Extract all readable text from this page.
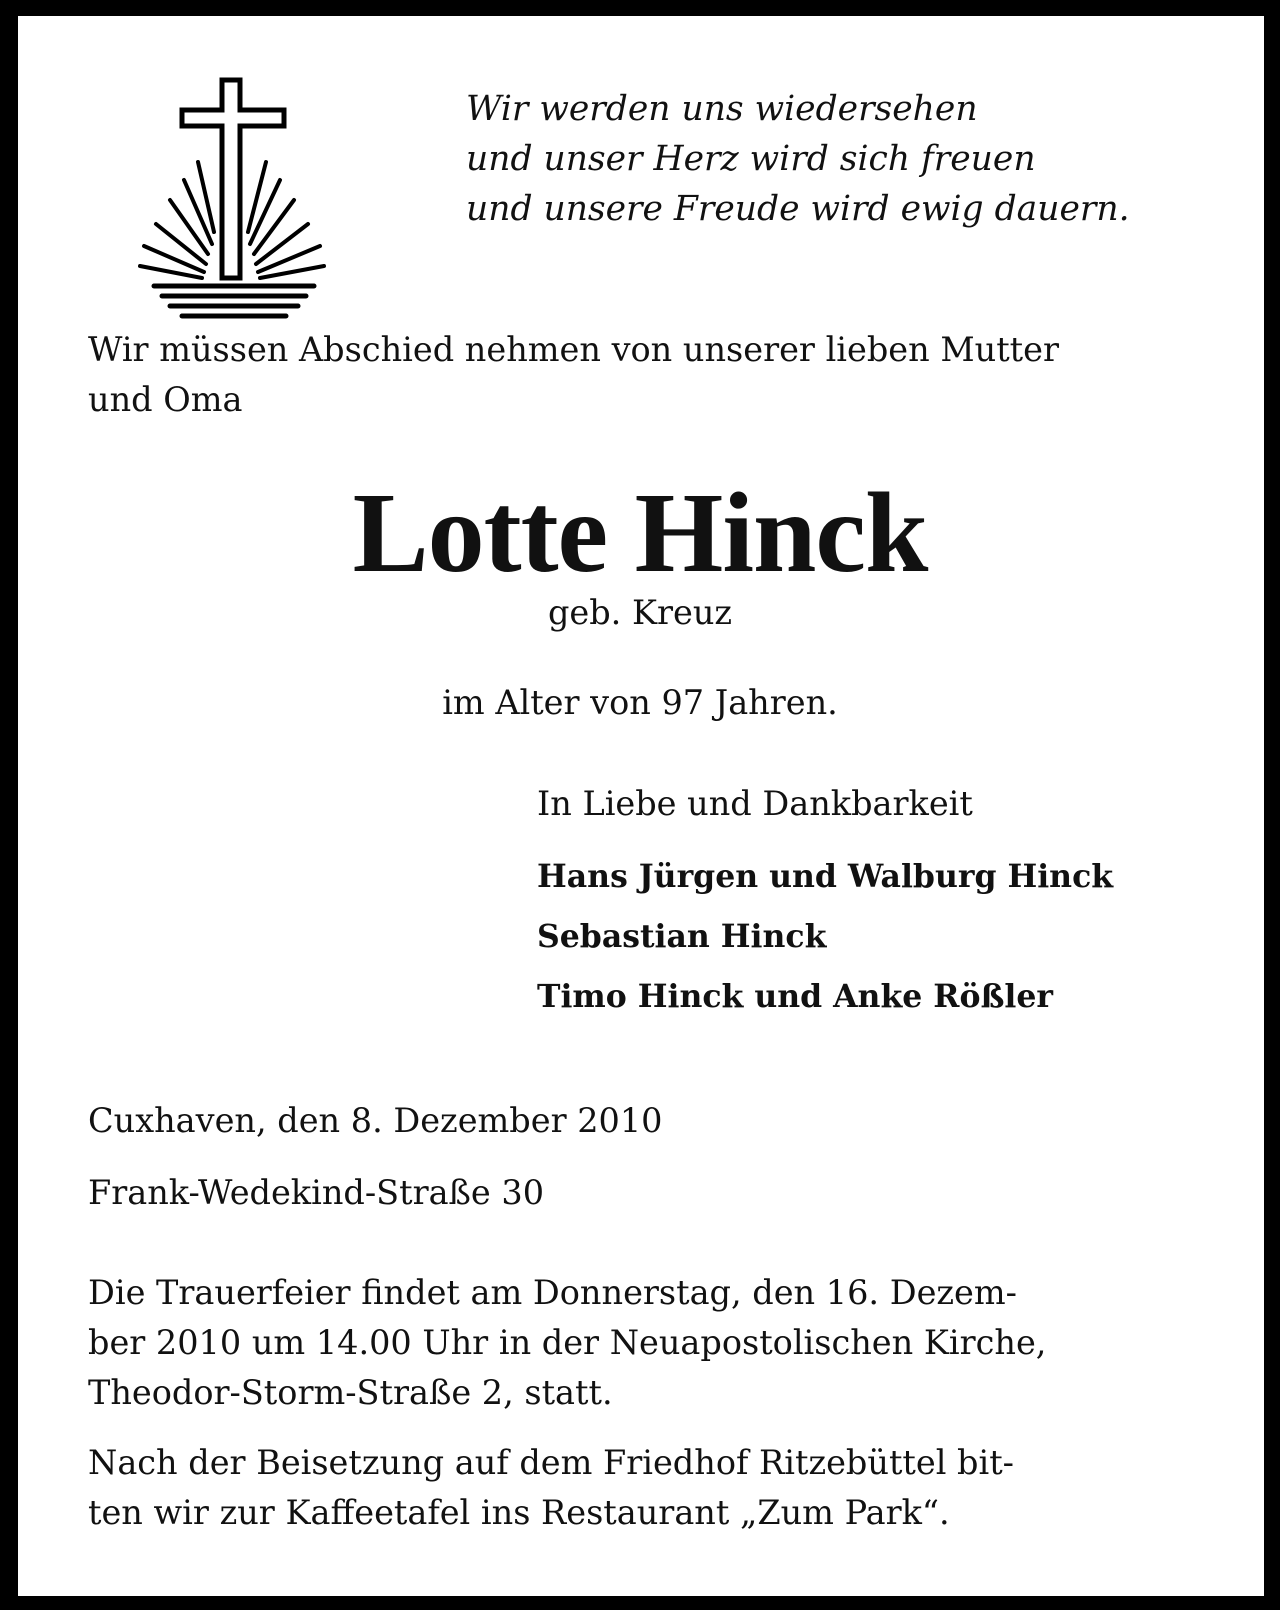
Wir werden uns wiedersehen
und unser Herz wird sich freuen
und unsere Freude wird ewig dauern.
Wir müssen Abschied nehmen von unserer lieben Mutter
und Oma
Lotte Hinck
geb. Kreuz
im Alter von 97 Jahren.
In Liebe und Dankbarkeit
Hans Jürgen und Walburg Hinck
Sebastian Hinck
Timo Hinck und Anke Rößler
Cuxhaven, den 8. Dezember 2010
Frank-Wedekind-Straße 30
Die Trauerfeier findet am Donnerstag, den 16. Dezem-
ber 2010 um 14.00 Uhr in der Neuapostolischen Kirche,
Theodor-Storm-Straße 2, statt.
Nach der Beisetzung auf dem Friedhof Ritzebüttel bit-
ten wir zur Kaffeetafel ins Restaurant „Zum Park“.
